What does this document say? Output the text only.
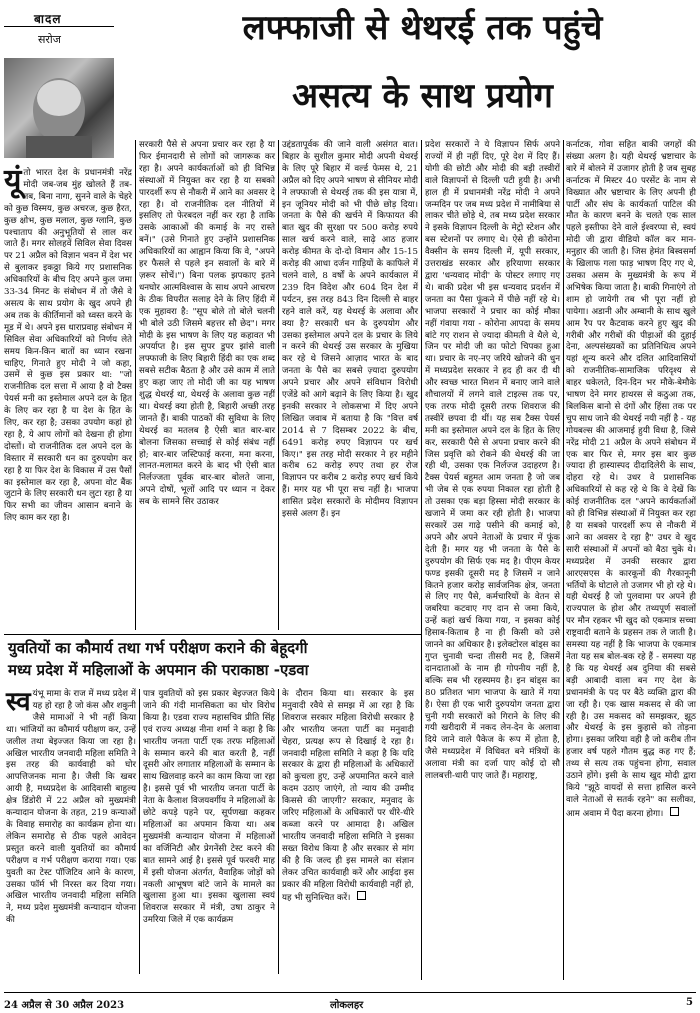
बादल
सरोज	लफ्फाजी से थेथरई तक पहुंचे
असत्य के साथ प्रयोग
यूं तो भारत देश के प्रधानमंत्री नरेंद्र मोदी जब-जब मुंह खोलते हैं तब-तब, बिना नागा, सुनने वाले के चेहरे को कुछ विस्मय, कुछ अचरज, कुछ हैरत, कुछ क्षोभ, कुछ मलाल, कुछ ग्लानि, कुछ पश्चाताप की अनुभूतियों से लाल कर जाते हैं। मगर सोलहवें सिविल सेवा दिवस पर 21 अप्रैल को विज्ञान भवन में देश भर से बुलाकर इकठ्ठा किये गए प्रशासनिक अधिकारियों के बीच दिए अपने कुल जमा 33-34 मिनट के संबोधन में तो जैसे वे असत्य के साथ प्रयोग के खुद अपने ही अब तक के कीर्तिमानों को ध्वस्त करने के मूड में थे। अपने इस धाराप्रवाह संबोधन में सिविल सेवा अधिकारियों को निर्णय लेते समय किन-किन बातों का ध्यान रखना चाहिए, गिनाते हुए मोदी ने जो कहा, उसमें से कुछ इस प्रकार था: "जो राजनीतिक दल सत्ता में आया है वो टैक्स पेयर्स मनी का इस्तेमाल अपने दल के हित के लिए कर रहा है या देश के हित के लिए, कर रहा है; उसका उपयोग कहां हो रहा है, ये आप लोगों को देखना ही होगा दोस्तों। वो राजनीतिक दल अपने दल के विस्तार में सरकारी धन का दुरुपयोग कर रहा है या फिर देश के विकास में उस पैसों का इस्तेमाल कर रहा है, अपना वोट बैंक जुटाने के लिए सरकारी धन लुटा रहा है या फिर सभी का जीवन आसान बनाने के लिए काम कर रहा है।
सरकारी पैसे से अपना प्रचार कर रहा है या फिर ईमानदारी से लोगों को जागरूक कर रहा है। अपने कार्यकर्ताओं को ही विभिन्न संस्थाओं में नियुक्त कर रहा है या सबको पारदर्शी रूप से नौकरी में आने का अवसर दे रहा है। वो राजनीतिक दल नीतियों में इसलिए तो फेरबदल नहीं कर रहा है ताकि उसके आकाओं की कमाई के नए रास्ते बनें।" (उसे गिनाते हुए उन्होंने प्रशासनिक अधिकारियों का आह्वान किया कि वे, "अपने हर फैसले से पहले इन सवालों के बारे में ज़रूर सोचें।") बिना पलक झपकाए इतने धनघोर आत्मविश्वास के साथ अपने आचरण के ठीक विपरीत सलाह देने के लिए हिंदी में एक मुहावरा है: "सूप बोले तो बोले चलनी भी बोले उठी जिसमे बहत्तर सौ छेद"। मगर मोदी के इस भाषण के लिए यह कहावत भी अपर्याप्त है। इस सुपर डुपर झांसे वाली लफ्फाजी के लिए बिहारी हिंदी का एक शब्द सबसे सटीक बैठता है और उसे काम में लाते हुए कहा जाए तो मोदी जी का यह भाषण शुद्ध थेथरई था, थेथरई के अलावा कुछ नहीं था। थेथरई क्या होती है, बिहारी अच्छी तरह जानते हैं। बाकी पाठकों की सुविधा के लिए थेथरई का मतलब है ऐसी बात बार-बार बोलना जिसका सच्चाई से कोई संबंध नहीं हो; बार-बार जस्टिफाई करना, मना करना, लानत-मलामत करने के बाद भी ऐसी बात निर्लज्जता पूर्वक बार-बार बोलते जाना, अपने दोषों, भूलों आदि पर ध्यान न देकर सब के सामने सिर उठाकर
उद्दंडतापूर्वक की जाने वाली असंगत बात। बिहार के सुशील कुमार मोदी अपनी थेथरई के लिए पूरे बिहार में वर्ल्ड फेमस थे, 21 अप्रैल को दिए अपने भाषण से सीनियर मोदी ने लफ्फाजी से थेथरई तक की इस यात्रा में, इन जूनियर मोदी को भी पीछे छोड़ दिया। जनता के पैसे की खर्चने में किफायत की बात खुद की सुरक्षा पर 500 करोड़ रुपये साल खर्च करने वाले, साढ़े आठ हजार करोड़ कीमत के दो-दो विमान और 15-15 करोड़ की आधा दर्जन गाड़ियों के काफिले में चलने वाले, 8 वर्षों के अपने कार्यकाल में 239 दिन विदेश और 604 दिन देश में पर्यटन, इस तरह 843 दिन दिल्ली से बाहर रहने वाले करें, यह थेथरई के अलावा और क्या है? सरकारी धन के दुरुपयोग और उसका इस्तेमाल अपने दल के प्रचार के लिये न करने की थेथरई उस सरकार के मुखिया कर रहे थे जिसने आज़ाद भारत के बाद जनता के पैसे का सबसे ज़्यादा दुरुपयोग अपने प्रचार और अपने संविधान विरोधी एजेंडे को आगे बढ़ाने के लिए किया है। खुद इनकी सरकार ने लोकसभा में दिए अपने लिखित जवाब में बताया है कि "वित्त वर्ष 2014 से 7 दिसम्बर 2022 के बीच, 6491 करोड़ रुपए विज्ञापन पर खर्च किए।" इस तरह मोदी सरकार ने हर महीने करीब 62 करोड़ रुपए तथा हर रोज विज्ञापन पर करीब 2 करोड़ रुपए खर्च किये हैं। मगर यह भी पूरा सच नहीं है। भाजपा शासित प्रदेश सरकारों के मोदीमय विज्ञापन इससे अलग हैं। इन
प्रदेश सरकारों ने ये विज्ञापन सिर्फ अपने राज्यों में ही नहीं दिए, पूरे देश में दिए हैं। योगी की छोटी और मोदी की बड़ी तस्वीरों वाले विज्ञापनों से दिल्ली पटी हुयी है। अभी हाल ही में प्रधानमंत्री नरेंद्र मोदी ने अपने जन्मदिन पर जब मध्य प्रदेश में नामीबिया से लाकर चीते छोड़े थे, तब मध्य प्रदेश सरकार ने इसके विज्ञापन दिल्ली के मेट्रो स्टेशन और बस स्टेशनों पर लगाए थे। ऐसे ही कोरोना वैक्सीन के समय दिल्ली में, यूपी सरकार, उत्तराखंड सरकार और हरियाणा सरकार द्वारा 'धन्यवाद मोदी' के पोस्टर लगाए गए थे। बाकी प्रदेश भी इस धन्यवाद प्रदर्शन में जनता का पैसा फूंकने में पीछे नहीं रहे थे। भाजपा सरकारों ने प्रचार का कोई मौका नहीं गंवाया गया - कोरोना आपदा के समय बांटे गए राशन से ज्यादा कीमती वे थैले थे, जिन पर मोदी जी का फोटो चिपका हुआ था। प्रचार के नए-नए जरिये खोजने की धुन में मध्यप्रदेश सरकार ने हद ही कर दी थी और स्वच्छ भारत मिशन में बनाए जाने वाले शौचालयों में लगने वाले टाइल्स तक पर, एक तरफ मोदी दूसरी तरफ शिवराज की तस्वीरें छपवा दी थीं। यह सब टैक्स पेयर्स मनी का इस्तेमाल अपने दल के हित के लिए कर, सरकारी पैसे से अपना प्रचार करने की जिस प्रवृत्ति को रोकने की थेथरई की जा रही थी, उसका एक निर्लज्ज उदाहरण है। टैक्स पेयर्स बहुमत आम जनता है जो जब भी जेब से एक रुपया निकाल रहा होती है तो उसका एक बड़ा हिस्सा मोदी सरकार के खजाने में जमा कर रही होती है। भाजपा सरकारें उस गाढ़े पसीने की कमाई को, अपने और अपने नेताओं के प्रचार में फूंक देती हैं। मगर यह भी जनता के पैसे के दुरुपयोग की सिर्फ एक मद है। पीएम केयर फण्ड इसकी दूसरी मद है जिसमें न जाने कितने हजार करोड़ सार्वजनिक क्षेत्र, जनता से लिए गए पैसे, कर्मचारियों के वेतन से जबरिया कटवाए गए दान से जमा किये, उन्हें कहां खर्च किया गया, न इसका कोई हिसाब-किताब है ना ही किसी को उसे जानने का अधिकार है। इलेक्टोरल बांड्स का गुप्त चुनावी चन्दा तीसरी मद है, जिसमें दानदाताओं के नाम ही गोपनीय नहीं है, बल्कि सब भी रहस्यमय है। इन बांड्स का 80 प्रतिशत भाग भाजपा के खाते में गया है। ऐसा ही एक भारी दुरुपयोग जनता द्वारा चुनी गयी सरकारों को गिराने के लिए की गयी खरीदारी में नकद लेन-देन के अलावा दिये जाने वाले पैकेज के रूप में होता है, जैसे मध्यप्रदेश में विधिवत बने मंत्रियों के अलावा मंत्री का दर्जा पाए कोई दो सौ लालबत्ती-धारी पाए जाते हैं। महाराष्ट्र,
कर्नाटक, गोवा सहित बाकी जगहों की संख्या अलग है। यही थेथरई भ्रष्टाचार के बारे में बोलने में उजागर होती है जब सुबह कर्नाटक में मिस्टर 40 परसेंट के नाम से विख्यात और भ्रष्टाचार के लिए अपनी ही पार्टी और संघ के कार्यकर्ता पाटिल की मौत के कारण बनने के चलते एक साल पहले इस्तीफा देने वाले ईश्वरप्पा से, स्वयं मोदी जी द्वारा वीडियो कॉल कर मान-मनुहार की जाती है। जिस हेमंत बिस्वसर्मा के खिलाफ गला फाड़ भाषण दिए गए थे, उसका असम के मुख्यमंत्री के रूप में अभिषेक किया जाता है। बाकी गिनाएंगे तो शाम हो जायेगी तब भी पूरा नहीं हो पायेगा। अडानी और अम्बानी के साथ खुले आम रैप पर कैटवाक करने हुए खुद की गरीबी और गरीबों की पीड़ाओं की दुहाई देना, अल्पसंख्यकों का प्रतिनिधित्व अपने यहां शून्य करने और दलित आदिवासियों को राजनीतिक-सामाजिक परिदृश्य से बाहर धकेलते, दिन-दिन भर मौके-बेमौके भाषण देने मगर हाथरस से कठुआ तक, बिलकिस बानो से दंगों और हिंसा तक पर चुप साध जाने की थेथरई नयी नहीं है - यह गोयबल्स की आजमाई हुयी विधा है, जिसे नरेंद्र मोदी 21 अप्रैल के अपने संबोधन में एक बार फिर से, मगर इस बार कुछ ज्यादा ही हास्यास्पद दीदादिलेरी के साथ, दोहरा रहे थे। उधर वे प्रशासनिक अधिकारियों से कह रहे थे कि वे देखें कि कोई राजनीतिक दल "अपने कार्यकर्ताओं को ही विभिन्न संस्थाओं में नियुक्त कर रहा है या सबको पारदर्शी रूप से नौकरी में आने का अवसर दे रहा है" उधर वे खुद सारी संस्थाओं में अपनों को बैठा चुके थे। मध्यप्रदेश में उनकी सरकार द्वारा आरएसएस के कारकूनों की गैरकानूनी भर्तियों के घोटाले तो उजागर भी हो रहे थे। यही थेथरई है जो पुलवामा पर अपने ही राज्यपाल के होश और तथ्यपूर्ण सवालों पर मौन रहकर भी खुद को एकमात्र सच्चा राष्ट्रवादी बताने के प्रहसन तक ले जाती है। समस्या यह नहीं है कि भाजपा के एकमात्र नेता यह सब बोल-बक रहे हैं - समस्या यह है कि यह थेथरई अब दुनिया की सबसे बड़ी आबादी वाला बन गए देश के प्रधानमंत्री के पद पर बैठे व्यक्ति द्वारा की जा रही है। एक खास मकसद से की जा रही है। उस मकसद को समझकर, झूठ और थेथरई के इस कुहासे को तोड़ना होगा। इसका जरिया वही है जो करीब तीन हजार वर्ष पहले गौतम बुद्ध कह गए हैं; तथ्य से सत्य तक पहुंचना होगा, सवाल उठाने होंगे। इसी के साथ खुद मोदी द्वारा किये "झूठे वायदों से सत्ता हासिल करने वाले नेताओं से सतर्क रहने" का सलीका, आम अवाम में पैदा करना होगा।
युवतियों का कौमार्य तथा गर्भ परीक्षण कराने की बेहूदगी
मध्य प्रदेश में महिलाओं के अपमान की पराकाष्ठा -एडवा
स्व यंभू मामा के राज में मध्य प्रदेश में यह हो रहा है जो कंस और शकुनी जैसे मामाओं ने भी नहीं किया था। भांजियों का कौमार्य परीक्षण कर, उन्हें जलील तथा बेइज्जत किया जा रहा है। अखिल भारतीय जनवादी महिला समिति ने इस तरह की कार्यवाही को घोर आपत्तिजनक माना है। जैसी कि खबर आयी है, मध्यप्रदेश के आदिवासी बाहुल्य क्षेत्र डिंडोरी में 22 अप्रैल को मुख्यमंत्री कन्यादान योजना के तहत, 219 कन्याओं के विवाह समारोह का कार्यक्रम होना था। लेकिन समारोह से ठीक पहले आवेदन प्रस्तुत करने वाली युवतियों का कौमार्य परीक्षण व गर्भ परीक्षण कराया गया। एक युवती का टेस्ट पॉजिटिव आने के कारण, उसका फॉर्म भी निरस्त कर दिया गया। अखिल भारतीय जनवादी महिला समिति ने, मध्य प्रदेश मुख्यमंत्री कन्यादान योजना की
पात्र युवतियों को इस प्रकार बेइज्जत किये जाने की गंदी मानसिकता का घोर विरोध किया है। एडवा राज्य महासचिव प्रीति सिंह एवं राज्य अध्यक्ष नीना शर्मा ने कहा है कि भारतीय जनता पार्टी एक तरफ महिलाओं के सम्मान करने की बात करती है, नहीं दूसरी ओर लगातार महिलाओं के सम्मान के साथ खिलवाड़ करने का काम किया जा रहा है। इससे पूर्व भी भारतीय जनता पार्टी के नेता के कैलाश विजयवर्गीय ने महिलाओं के छोटे कपड़े पहने पर, सूर्पणखा कहकर महिलाओं का अपमान किया था। अब मुख्यमंत्री कन्यादान योजना में महिलाओं का वर्जिनिटी और प्रेगनेंसी टेस्ट करने की बात सामने आई है। इससे पूर्व फरवरी माह में इसी योजना अंतर्गत, वैवाहिक जोड़ों को नकली आभूषण बांटे जाने के मामले का खुलासा हुआ था। इसका खुलासा स्वयं शिवराज सरकार में मंत्री, उषा ठाकुर ने उमरिया जिले में एक कार्यक्रम
के दौरान किया था। सरकार के इस मनुवादी रवैये से समझ में आ रहा है कि शिवराज सरकार महिला विरोधी सरकार है और भारतीय जनता पार्टी का मनुवादी चेहरा, प्रत्यक्ष रूप से दिखाई दे रहा है। जनवादी महिला समिति ने कहा है कि यदि सरकार के द्वारा ही महिलाओं के अधिकारों को कुचला हुए, उन्हें अपमानित करने वाले कदम उठाए जाएंगे, तो न्याय की उम्मीद किससे की जाएगी? सरकार, मनुवाद के जरिए महिलाओं के अधिकारों पर धीरे-धीरे कब्जा करने पर आमादा है। अखिल भारतीय जनवादी महिला समिति ने इसका सख्त विरोध किया है और सरकार से मांग की है कि जल्द ही इस मामले का संज्ञान लेकर उचित कार्यवाही करें और आईदा इस प्रकार की महिला विरोधी कार्यवाही नहीं हो, यह भी सुनिश्चित करें।
24 अप्रैल से 30 अप्रैल 2023	लोकलहर	5
